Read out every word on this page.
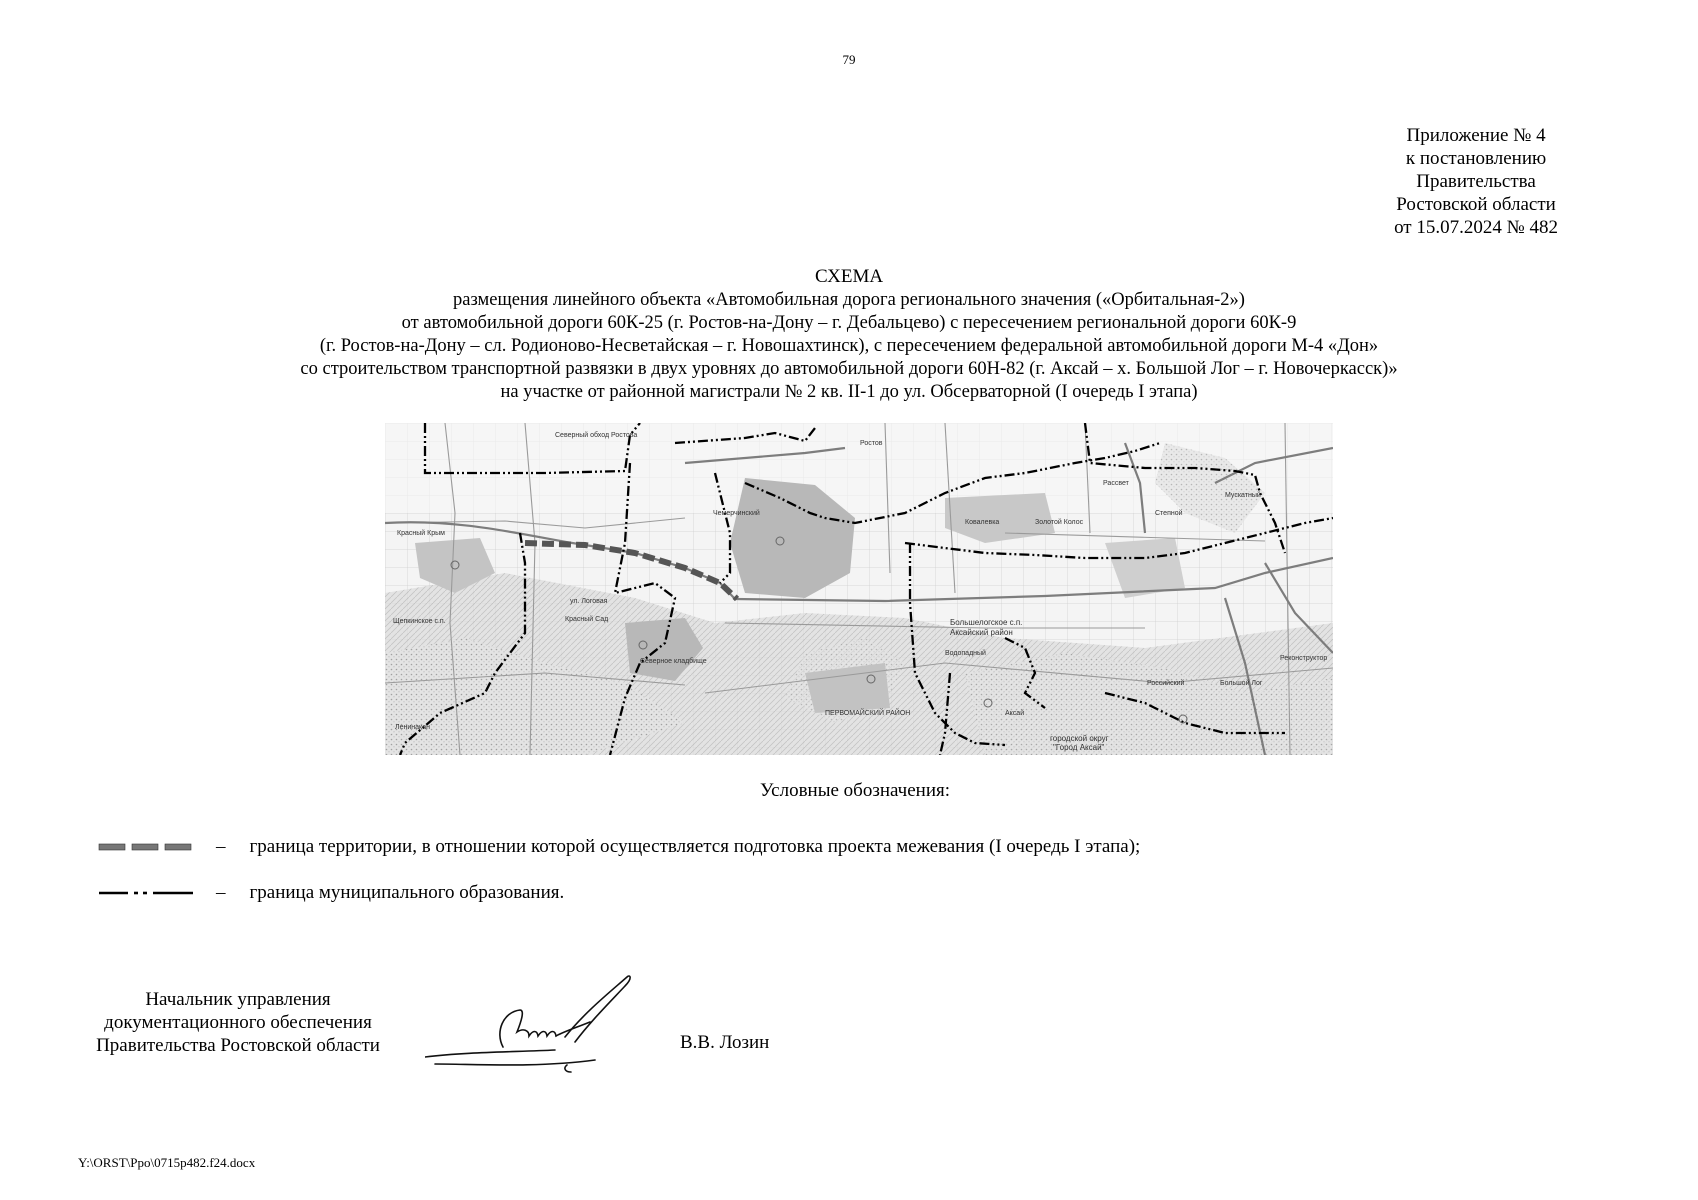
79
Приложение № 4
к постановлению
Правительства
Ростовской области
от 15.07.2024 № 482
СХЕМА
размещения линейного объекта «Автомобильная дорога регионального значения («Орбитальная-2»)
от автомобильной дороги 60К-25 (г. Ростов-на-Дону – г. Дебальцево) с пересечением региональной дороги 60К-9
(г. Ростов-на-Дону – сл. Родионово-Несветайская – г. Новошахтинск), с пересечением федеральной автомобильной дороги М-4 «Дон»
со строительством транспортной развязки в двух уровнях до автомобильной дороги 60Н-82 (г. Аксай – х. Большой Лог – г. Новочеркасск)»
на участке от районной магистрали № 2 кв. II-1 до ул. Обсерваторной (I очередь I этапа)
Северный обход Ростова
Ростов
Рассвет
Мускатный
Красный Крым
Чемерчинский
Ковалевка	Золотой Колос
Степной
ул. Логовая
Красный Сад
Щепкинское с.п.	Большелогское с.п.
Аксайский район
Водопадный
Реконструктор
Российский	Большой Лог
Аксай
городской округ
"Город Аксай"
ПЕРВОМАЙСКИЙ РАЙОН
Ленинакан
Северное кладбище
Условные обозначения:
– граница территории, в отношении которой осуществляется подготовка проекта межевания (I очередь I этапа);
– граница муниципального образования.
Начальник управления
документационного обеспечения
Правительства Ростовской области	В.В. Лозин
Y:\ORST\Ppo\0715p482.f24.docx
